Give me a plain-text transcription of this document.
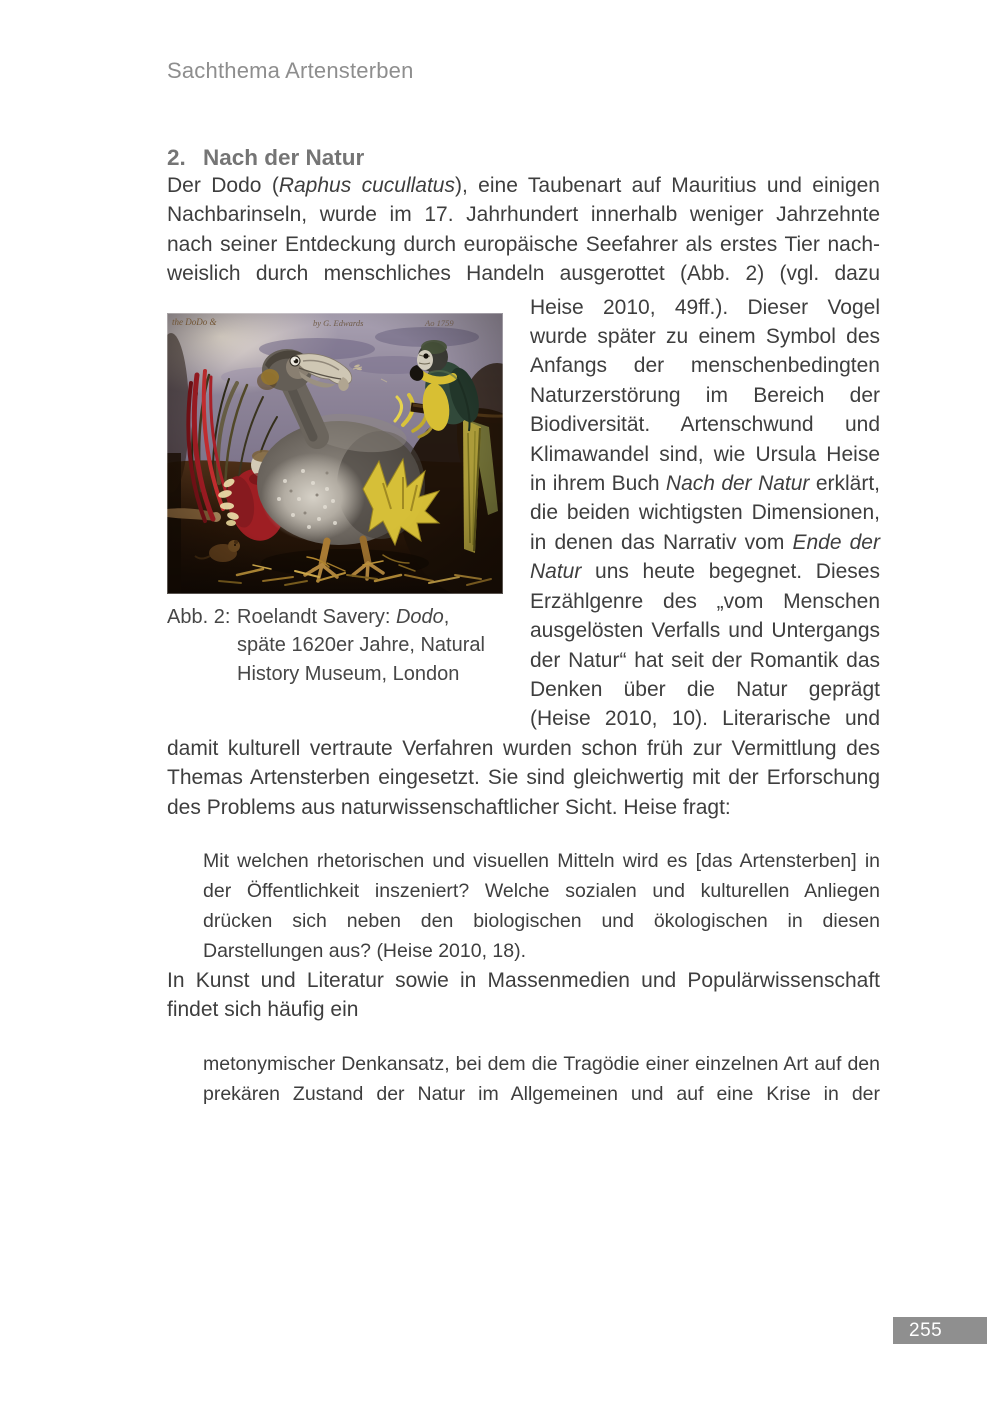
Sachthema Artensterben
2. Nach der Natur

Der Dodo (Raphus cucullatus), eine Taubenart auf Mauritius und einigen Nachbarinseln, wurde im 17. Jahrhundert innerhalb weniger Jahrzehnte nach seiner Entdeckung durch europäische Seefahrer als erstes Tier nachweislich durch menschliches Handeln ausgerottet (Abb. 2) (vgl. dazu

the DoDo &	by G. Edwards	Ao 1759
Abb. 2: Roelandt Savery: Dodo, späte 1620er Jahre, Natural History Museum, London

Heise 2010, 49ff.). Dieser Vogel wurde später zu einem Symbol des Anfangs der menschenbedingten Naturzerstörung im Bereich der Biodiversität. Artenschwund und Klimawandel sind, wie Ursula Heise in ihrem Buch Nach der Natur erklärt, die beiden wichtigsten Dimensionen, in denen das Narrativ vom Ende der Natur uns heute begegnet. Dieses Erzählgenre des „vom Menschen ausgelösten Verfalls und Untergangs der Natur“ hat seit der Romantik das Denken über die Natur geprägt (Heise 2010, 10). Literarische und damit kulturell vertraute Verfahren wurden schon früh zur Vermittlung des Themas Artensterben eingesetzt. Sie sind gleichwertig mit der Erforschung des Problems aus naturwissenschaftlicher Sicht. Heise fragt:

Mit welchen rhetorischen und visuellen Mitteln wird es [das Artensterben] in der Öffentlichkeit inszeniert? Welche sozialen und kulturellen Anliegen drücken sich neben den biologischen und ökologischen in diesen Darstellungen aus? (Heise 2010, 18).

In Kunst und Literatur sowie in Massenmedien und Populärwissenschaft findet sich häufig ein

metonymischer Denkansatz, bei dem die Tragödie einer einzelnen Art auf den prekären Zustand der Natur im Allgemeinen und auf eine Krise in der
255
